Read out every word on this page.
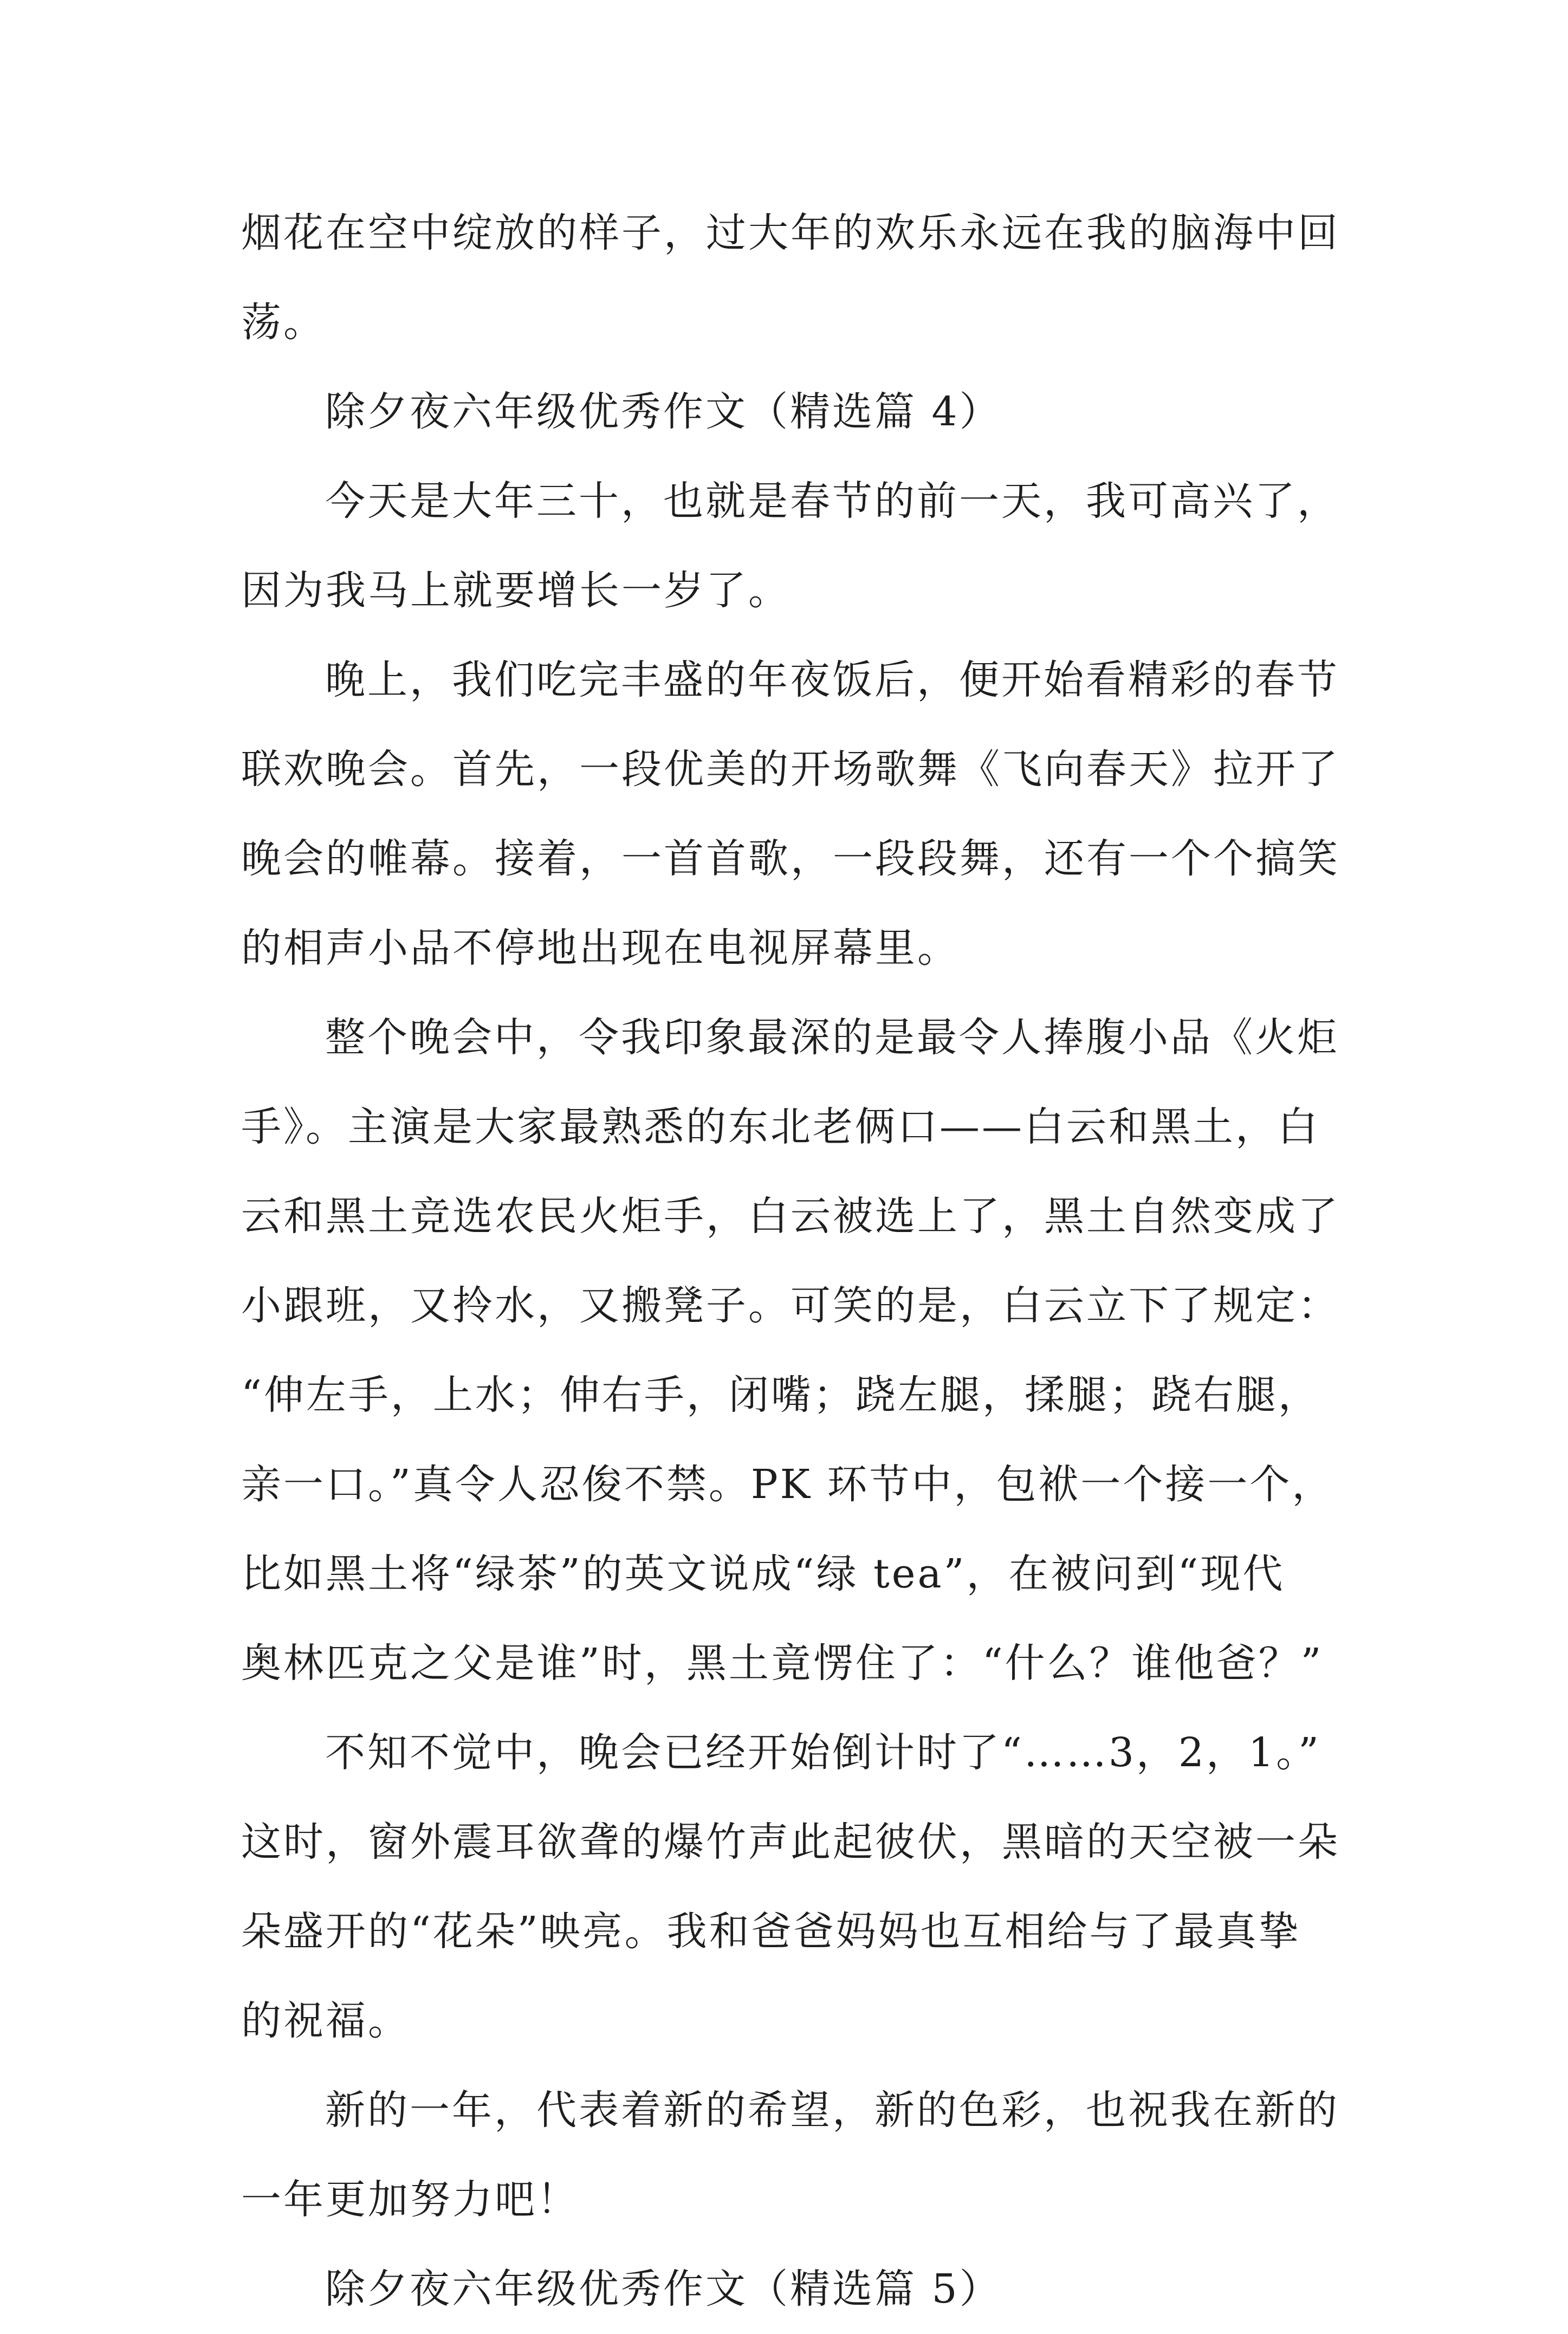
烟花在空中绽放的样子，过大年的欢乐永远在我的脑海中回
荡。
除夕夜六年级优秀作文（精选篇 4）
今天是大年三十，也就是春节的前一天，我可高兴了，
因为我马上就要增长一岁了。
晚上，我们吃完丰盛的年夜饭后，便开始看精彩的春节
联欢晚会。首先，一段优美的开场歌舞《飞向春天》拉开了
晚会的帷幕。接着，一首首歌，一段段舞，还有一个个搞笑
的相声小品不停地出现在电视屏幕里。
整个晚会中，令我印象最深的是最令人捧腹小品《火炬
手》。主演是大家最熟悉的东北老俩口——白云和黑土，白
云和黑土竞选农民火炬手，白云被选上了，黑土自然变成了
小跟班，又拎水，又搬凳子。可笑的是，白云立下了规定：
“伸左手，上水；伸右手，闭嘴；跷左腿，揉腿；跷右腿，
亲一口。”真令人忍俊不禁。PK 环节中，包袱一个接一个，
比如黑土将“绿茶”的英文说成“绿 tea”，在被问到“现代
奥林匹克之父是谁”时，黑土竟愣住了：“什么？谁他爸？”
不知不觉中，晚会已经开始倒计时了“……3，2，1。”
这时，窗外震耳欲聋的爆竹声此起彼伏，黑暗的天空被一朵
朵盛开的“花朵”映亮。我和爸爸妈妈也互相给与了最真挚
的祝福。
新的一年，代表着新的希望，新的色彩，也祝我在新的
一年更加努力吧！
除夕夜六年级优秀作文（精选篇 5）
